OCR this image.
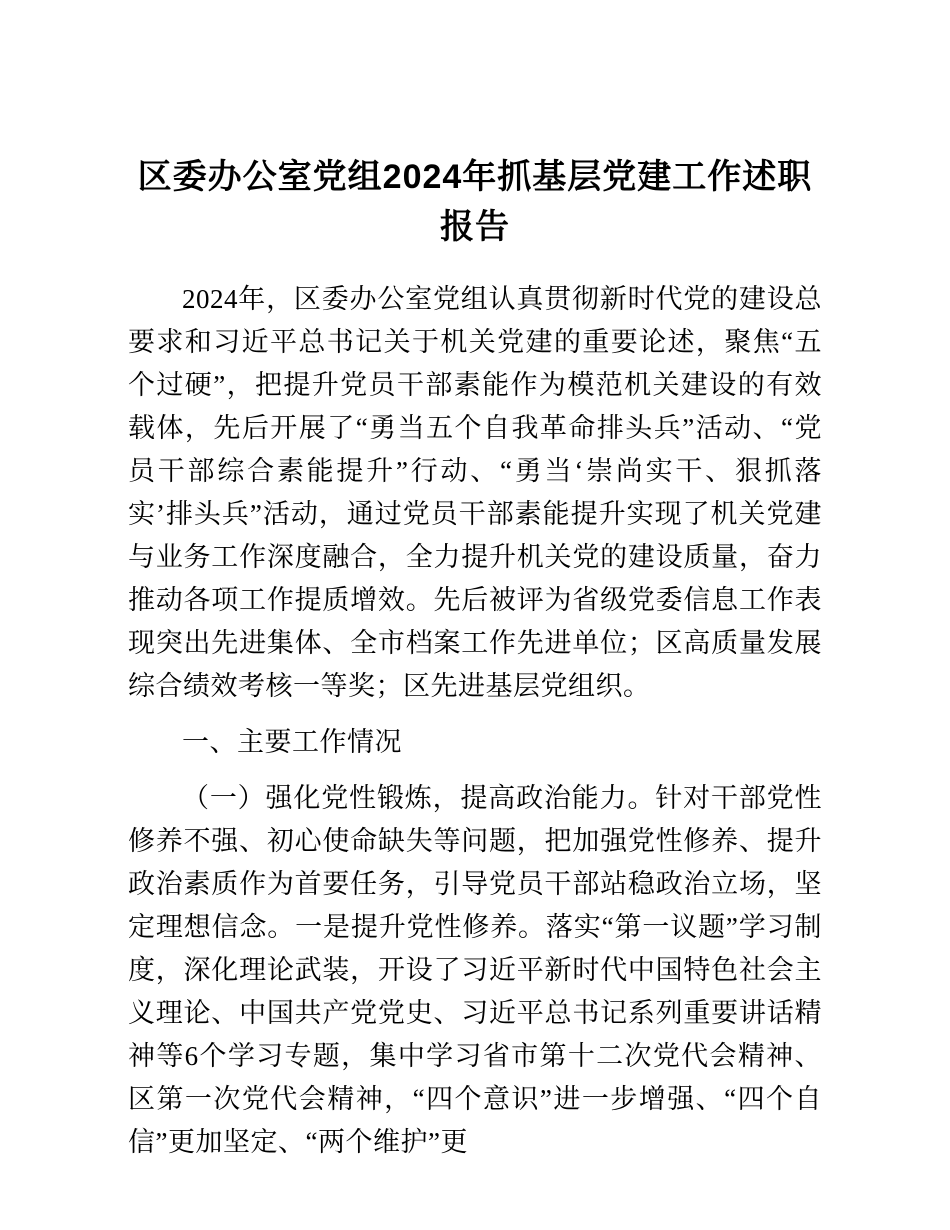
区委办公室党组2024年抓基层党建工作述职报告

2024年，区委办公室党组认真贯彻新时代党的建设总要求和习近平总书记关于机关党建的重要论述，聚焦“五个过硬”，把提升党员干部素能作为模范机关建设的有效载体，先后开展了“勇当五个自我革命排头兵”活动、“党员干部综合素能提升”行动、“勇当‘崇尚实干、狠抓落实’排头兵”活动，通过党员干部素能提升实现了机关党建与业务工作深度融合，全力提升机关党的建设质量，奋力推动各项工作提质增效。先后被评为省级党委信息工作表现突出先进集体、全市档案工作先进单位；区高质量发展综合绩效考核一等奖；区先进基层党组织。

一、主要工作情况

（一）强化党性锻炼，提高政治能力。针对干部党性修养不强、初心使命缺失等问题，把加强党性修养、提升政治素质作为首要任务，引导党员干部站稳政治立场，坚定理想信念。一是提升党性修养。落实“第一议题”学习制度，深化理论武装，开设了习近平新时代中国特色社会主义理论、中国共产党党史、习近平总书记系列重要讲话精神等6个学习专题，集中学习省市第十二次党代会精神、区第一次党代会精神，“四个意识”进一步增强、“四个自信”更加坚定、“两个维护”更
